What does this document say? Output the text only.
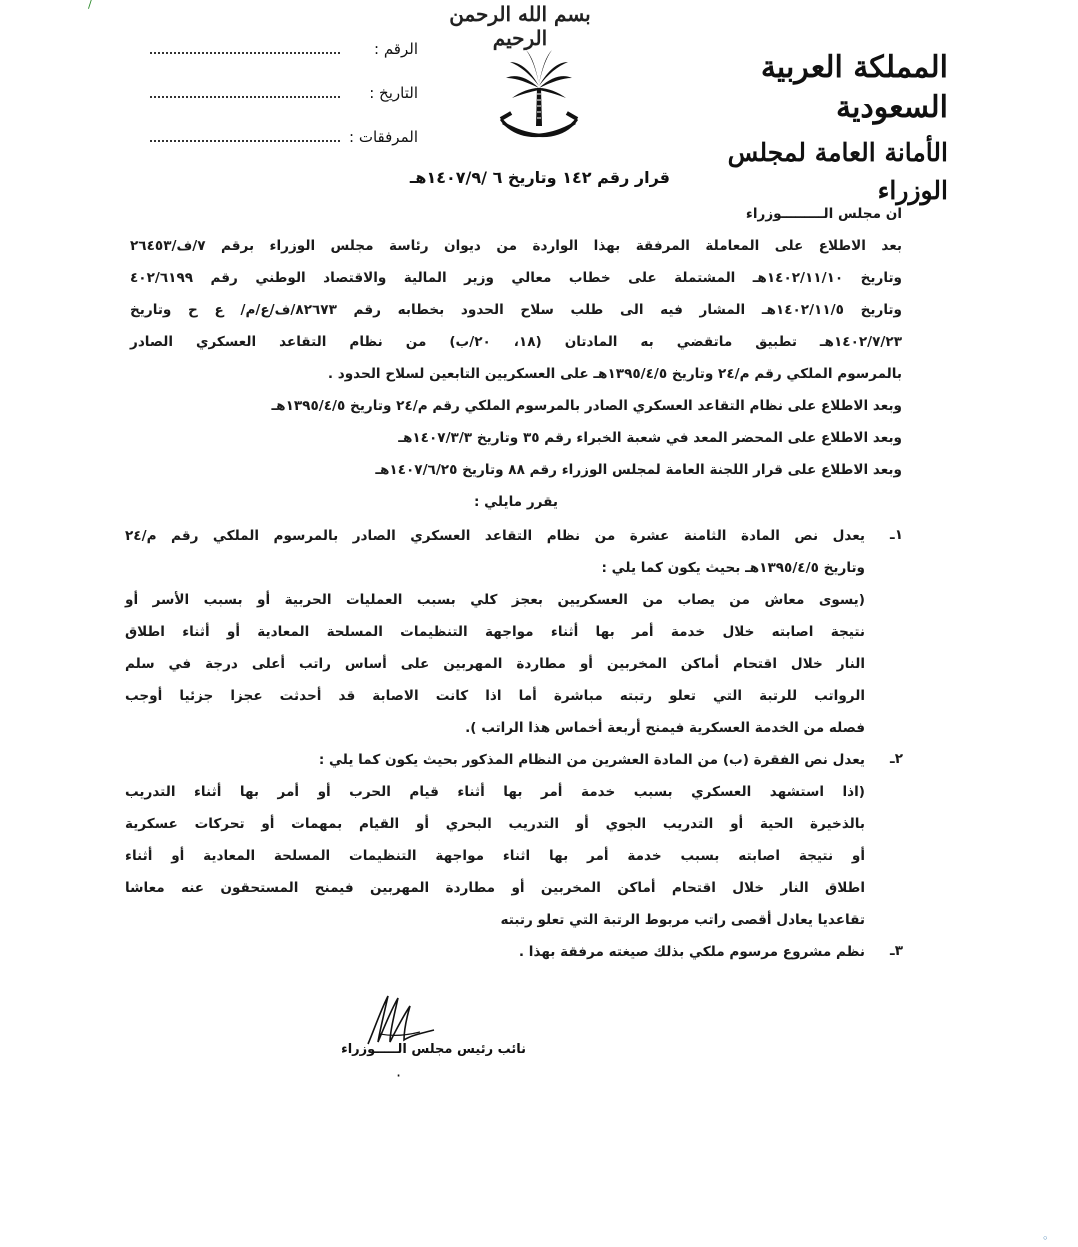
/	بسم الله الرحمن الرحيم
المملكة العربية السعودية
الأمانة العامة لمجلس الوزراء
الرقم :
التاريخ :
المرفقات :
قرار رقم ١٤٢ وتاريخ ٦ /١٤٠٧/٩هـ
ان مجلس الـــــــــوزراء
بعد الاطلاع على المعاملة المرفقة بهذا الواردة من ديوان رئاسة مجلس الوزراء برقم ٧/ف/٢٦٤٥٣
وتاريخ ١٤٠٢/١١/١٠هـ المشتملة على خطاب معالي وزير المالية والاقتصاد الوطني رقم ٤٠٢/٦١٩٩
وتاريخ ١٤٠٢/١١/٥هـ المشار فيه الى طلب سلاح الحدود بخطابه رقم ٨٢٦٧٣/ف/ع/م/ ع ح وتاريخ
١٤٠٢/٧/٢٣هـ تطبيق ماتقضي به المادتان (١٨، ٢٠/ب) من نظام التقاعد العسكري الصادر
بالمرسوم الملكي رقم م/٢٤ وتاريخ ١٣٩٥/٤/٥هـ على العسكريين التابعين لسلاح الحدود .
وبعد الاطلاع على نظام التقاعد العسكري الصادر بالمرسوم الملكي رقم م/٢٤ وتاريخ ١٣٩٥/٤/٥هـ
وبعد الاطلاع على المحضر المعد في شعبة الخبراء رقم ٣٥ وتاريخ ١٤٠٧/٣/٣هـ
وبعد الاطلاع على قرار اللجنة العامة لمجلس الوزراء رقم ٨٨ وتاريخ ١٤٠٧/٦/٢٥هـ
يقرر مايلي :
١ـ
يعدل نص المادة الثامنة عشرة من نظام التقاعد العسكري الصادر بالمرسوم الملكي رقم م/٢٤
وتاريخ ١٣٩٥/٤/٥هـ بحيث يكون كما يلي :
(يسوى معاش من يصاب من العسكريين بعجز كلي بسبب العمليات الحربية أو بسبب الأسر أو
نتيجة اصابته خلال خدمة أمر بها أثناء مواجهة التنظيمات المسلحة المعادية أو أثناء اطلاق
النار خلال اقتحام أماكن المخربين أو مطاردة المهربين على أساس راتب أعلى درجة في سلم
الرواتب للرتبة التي تعلو رتبته مباشرة أما اذا كانت الاصابة قد أحدثت عجزا جزئيا أوجب
فصله من الخدمة العسكرية فيمنح أربعة أخماس هذا الراتب ).
٢ـ
يعدل نص الفقرة (ب) من المادة العشرين من النظام المذكور بحيث يكون كما يلي :
(اذا استشهد العسكري بسبب خدمة أمر بها أثناء قيام الحرب أو أمر بها أثناء التدريب
بالذخيرة الحية أو التدريب الجوي أو التدريب البحري أو القيام بمهمات أو تحركات عسكرية
أو نتيجة اصابته بسبب خدمة أمر بها اثناء مواجهة التنظيمات المسلحة المعادية أو أثناء
اطلاق النار خلال اقتحام أماكن المخربين أو مطاردة المهربين فيمنح المستحقون عنه معاشا
تقاعديا يعادل أقصى راتب مربوط الرتبة التي تعلو رتبته
٣ـ
نظم مشروع مرسوم ملكي بذلك صيغته مرفقة بهذا .
نائب رئيس مجلس الـــــوزراء
·
◦
